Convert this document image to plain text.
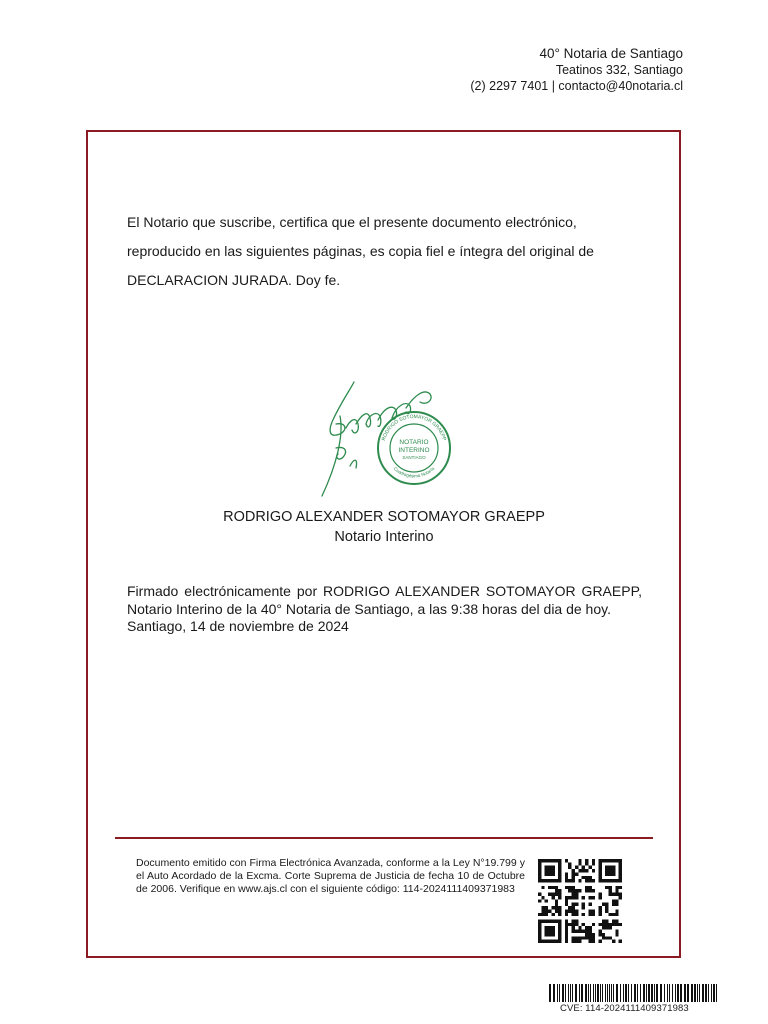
40° Notaria de Santiago
Teatinos 332, Santiago
(2) 2297 7401 | contacto@40notaria.cl
El Notario que suscribe, certifica que el presente documento electrónico,
reproducido en las siguientes páginas, es copia fiel e íntegra del original de
DECLARACION JURADA. Doy fe.
RODRIGO SOTOMAYOR GRAEPP
Cuadragésima Notaría
NOTARIO
INTERINO
SANTIAGO
RODRIGO ALEXANDER SOTOMAYOR GRAEPP
Notario Interino
Firmado electrónicamente por RODRIGO ALEXANDER SOTOMAYOR GRAEPP, Notario Interino de la 40° Notaria de Santiago, a las 9:38 horas del dia de hoy.
Santiago, 14 de noviembre de 2024
Documento emitido con Firma Electrónica Avanzada, conforme a la Ley N°19.799 y el Auto Acordado de la Excma. Corte Suprema de Justicia de fecha 10 de Octubre de 2006. Verifique en www.ajs.cl con el siguiente código: 114-2024111409371983
CVE: 114-2024111409371983
